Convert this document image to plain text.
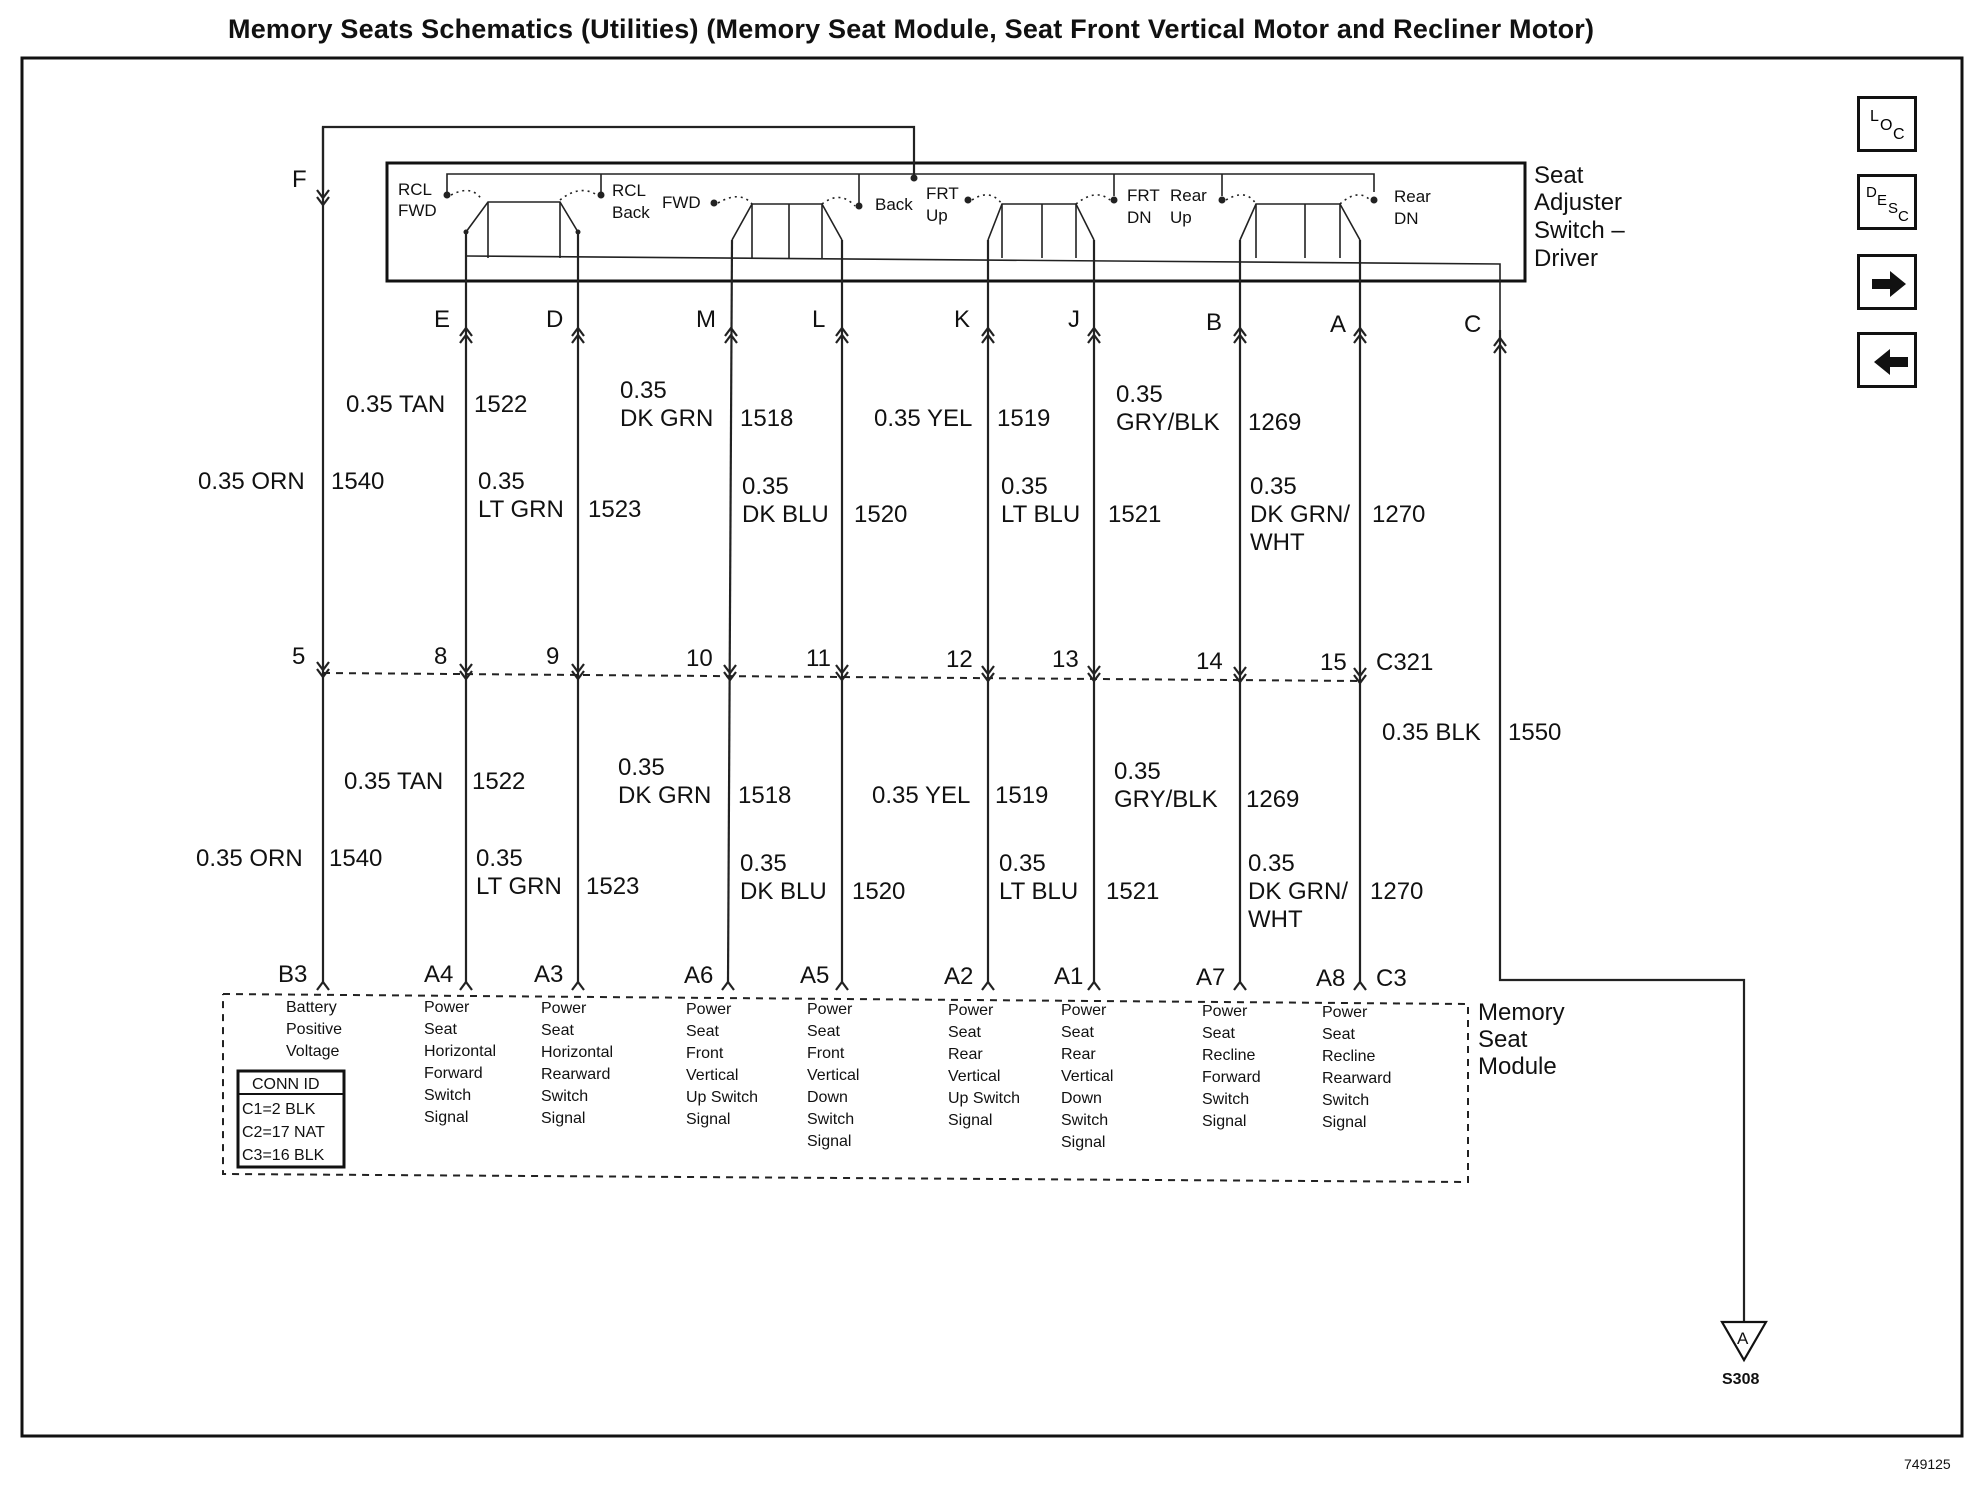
Memory Seats Schematics (Utilities) (Memory Seat Module, Seat Front Vertical Motor and Recliner Motor)
Seat
Adjuster
Switch –
Driver
RCL
FWD
RCL
Back
FWD	Back
FRT
Up
FRT
DN
Rear
Up
Rear
DN
F
E	D	M	L	K	J	B	A	C
0.35 ORN 1540
0.35 TAN 1522
0.35
LT GRN 1523
0.35
DK GRN 1518
0.35
DK BLU 1520
0.35 YEL 1519
0.35
LT BLU 1521
0.35
GRY/BLK 1269
0.35
DK GRN/
WHT
1270
5	8	9	10	11	12	13	14	15 C321
0.35 ORN 1540
0.35 TAN 1522
0.35
LT GRN 1523
0.35
DK GRN 1518
0.35
DK BLU 1520
0.35 YEL 1519
0.35
LT BLU 1521
0.35
GRY/BLK 1269
0.35
DK GRN/
WHT
1270
0.35 BLK 1550
B3	A4	A3	A6	A5	A2	A1	A7	A8 C3
Memory
Seat
Module
Battery
Positive
Voltage
Power
Seat
Horizontal
Forward
Switch
Signal
Power
Seat
Horizontal
Rearward
Switch
Signal
Power
Seat
Front
Vertical
Up Switch
Signal
Power
Seat
Front
Vertical
Down
Switch
Signal
Power
Seat
Rear
Vertical
Up Switch
Signal
Power
Seat
Rear
Vertical
Down
Switch
Signal
Power
Seat
Recline
Forward
Switch
Signal
Power
Seat
Recline
Rearward
Switch
Signal
CONN ID
C1=2 BLK
C2=17 NAT
C3=16 BLK
A
S308
L
O
C
D E S C
749125
